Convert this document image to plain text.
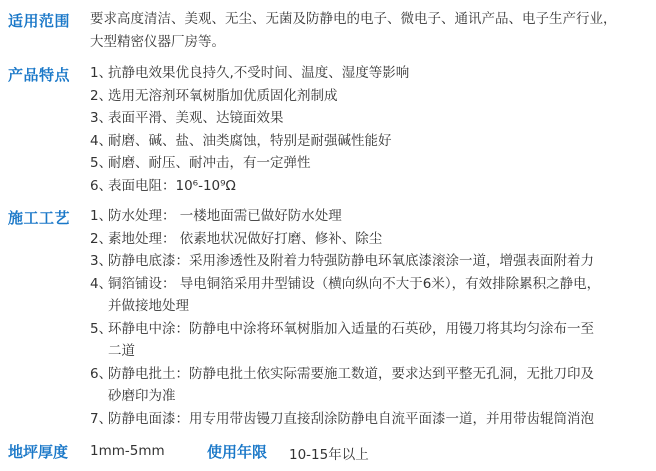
适用范围 要求高度清洁、美观、无尘、无菌及防静电的电子、微电子、通讯产品、电子生产行业，
大型精密仪器厂房等。
产品特点 1、抗静电效果优良持久,不受时间、温度、湿度等影响
2、选用无溶剂环氧树脂加优质固化剂制成
3、表面平滑、美观、达镜面效果
4、耐磨、碱、盐、油类腐蚀，特别是耐强碱性能好
5、耐磨、耐压、耐冲击，有一定弹性
6、表面电阻：10⁶-10⁹Ω
施工工艺 1、防水处理： 一楼地面需已做好防水处理
2、素地处理： 依素地状况做好打磨、修补、除尘
3、防静电底漆：采用渗透性及附着力特强防静电环氧底漆滚涂一道，增强表面附着力
4、铜箔铺设： 导电铜箔采用井型铺设（横向纵向不大于6米），有效排除累积之静电，
并做接地处理
5、环静电中涂：防静电中涂将环氧树脂加入适量的石英砂，用镘刀将其均匀涂布一至
二道
6、防静电批土：防静电批土依实际需要施工数道，要求达到平整无孔洞，无批刀印及
砂磨印为准
7、防静电面漆：用专用带齿镘刀直接刮涂防静电自流平面漆一道，并用带齿辊筒消泡
地坪厚度 1mm-5mm	使用年限 10-15年以上
